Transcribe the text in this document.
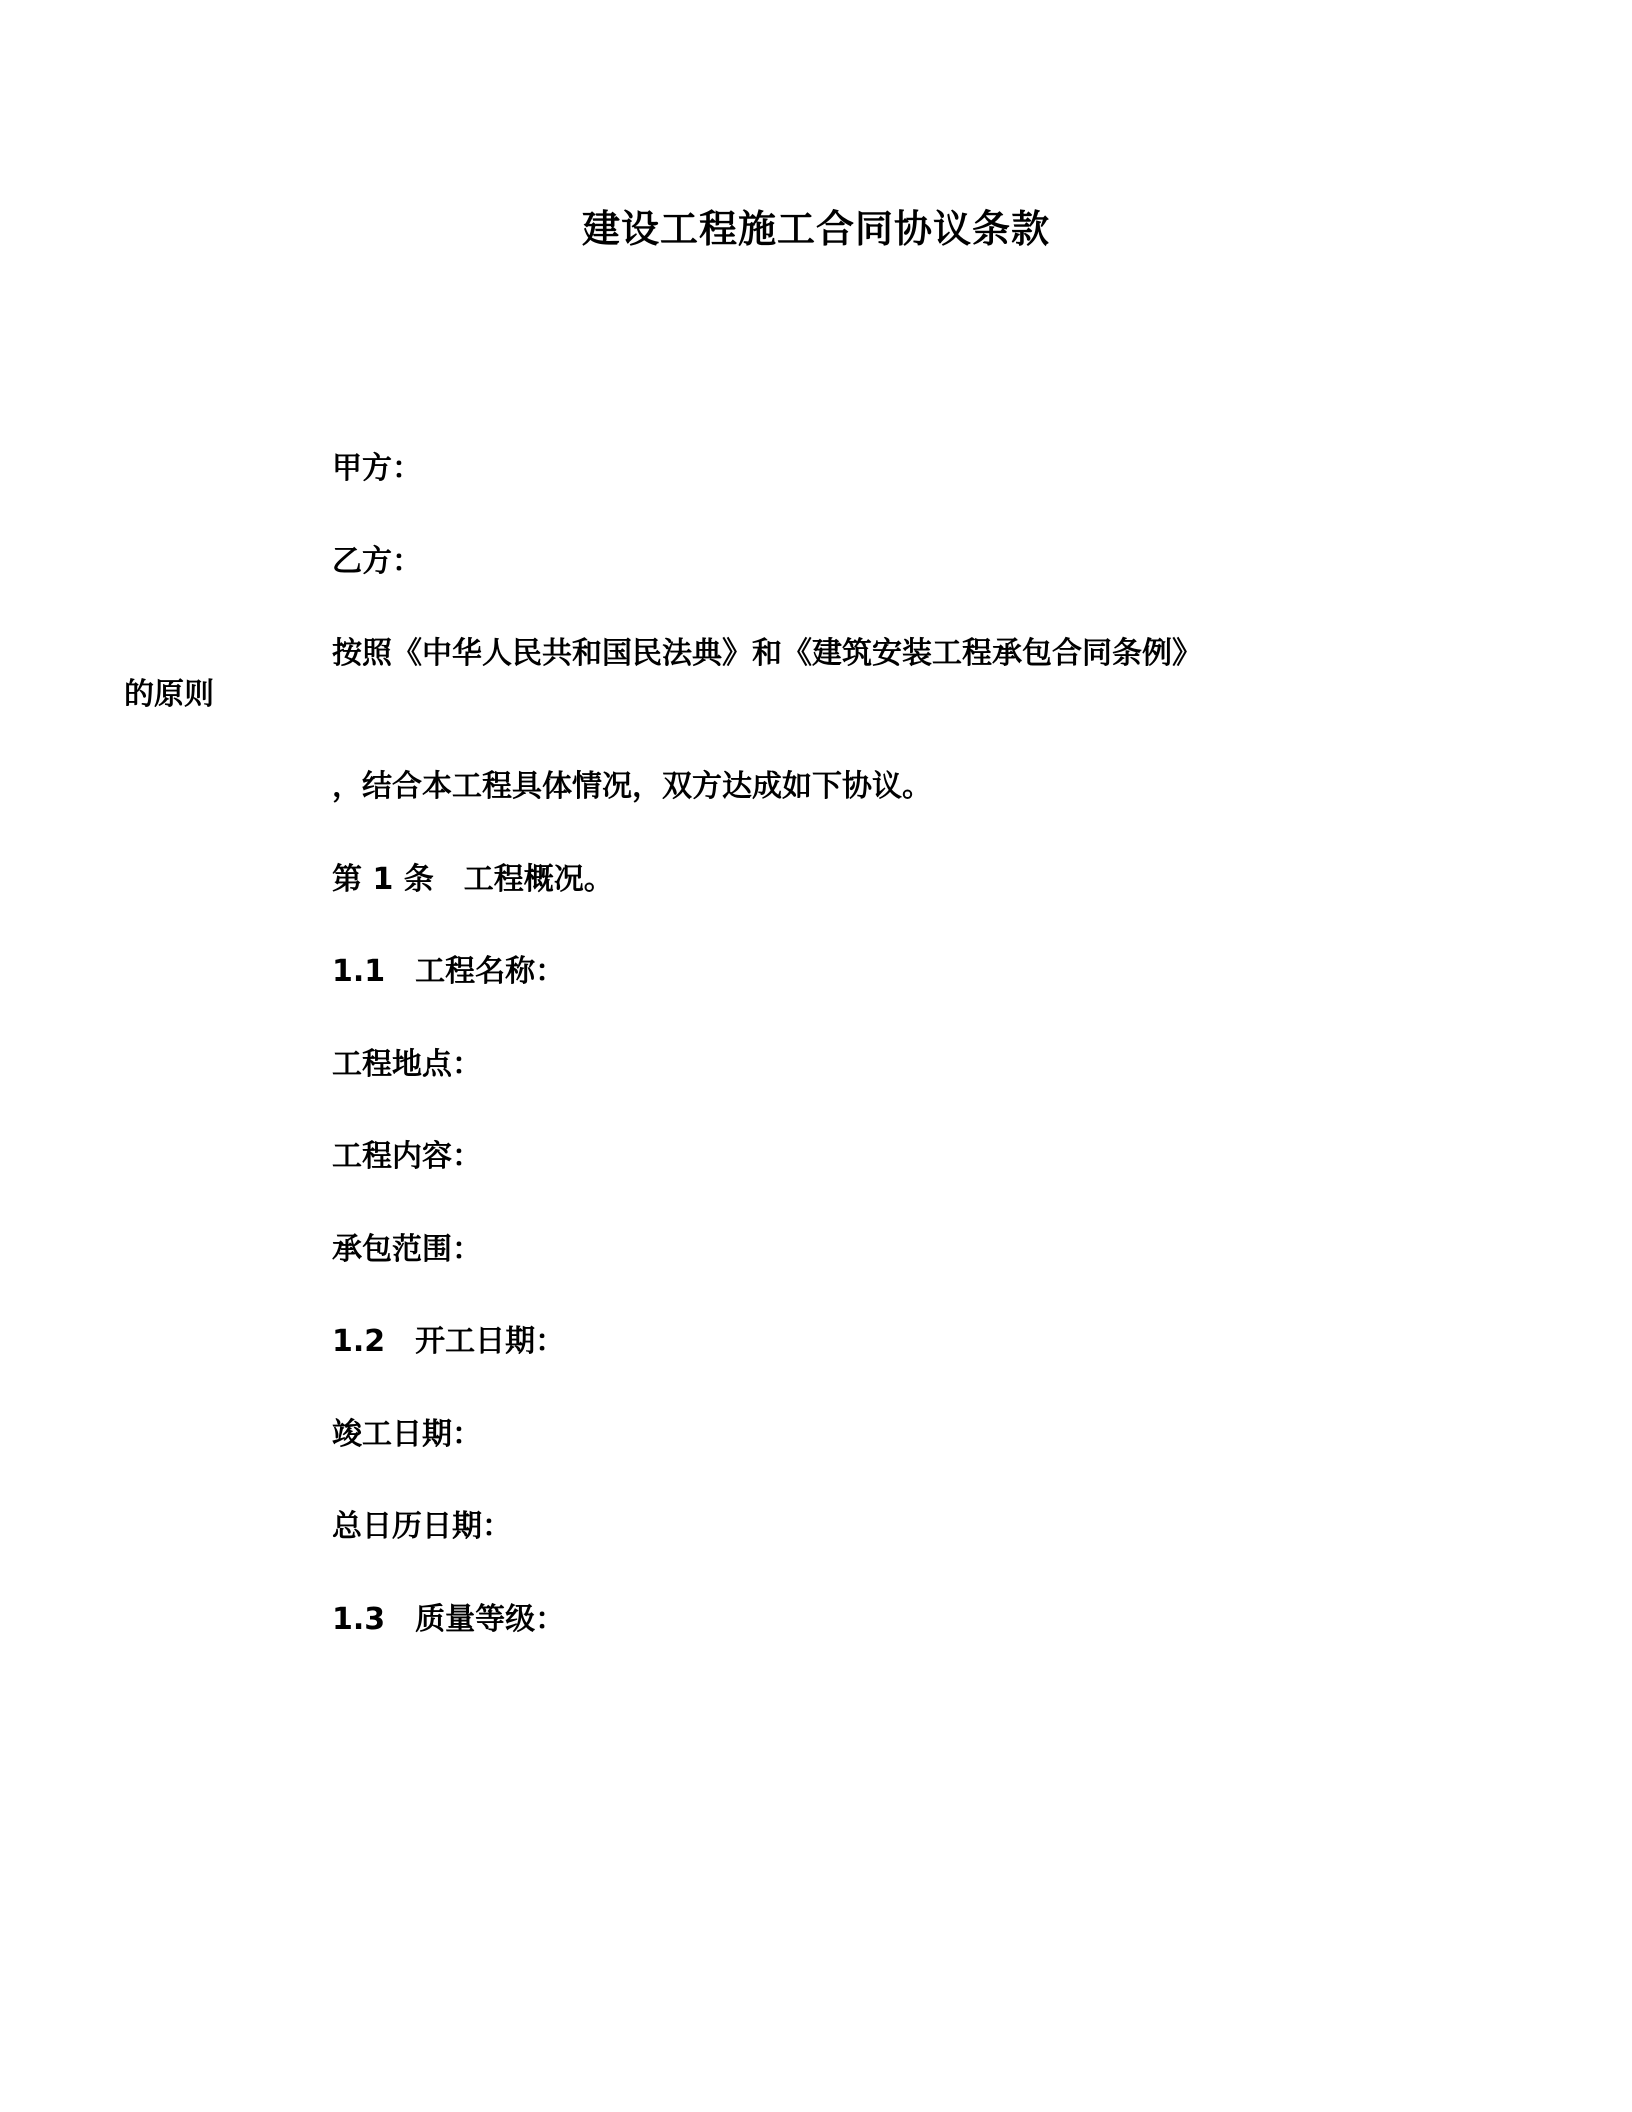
建设工程施工合同协议条款

甲方：

乙方：

按照《中华人民共和国民法典》和《建筑安装工程承包合同条例》

的原则

，结合本工程具体情况，双方达成如下协议。

第 1 条　工程概况。

1.1　工程名称：

工程地点：

工程内容：

承包范围：

1.2　开工日期：

竣工日期：

总日历日期：

1.3　质量等级：
